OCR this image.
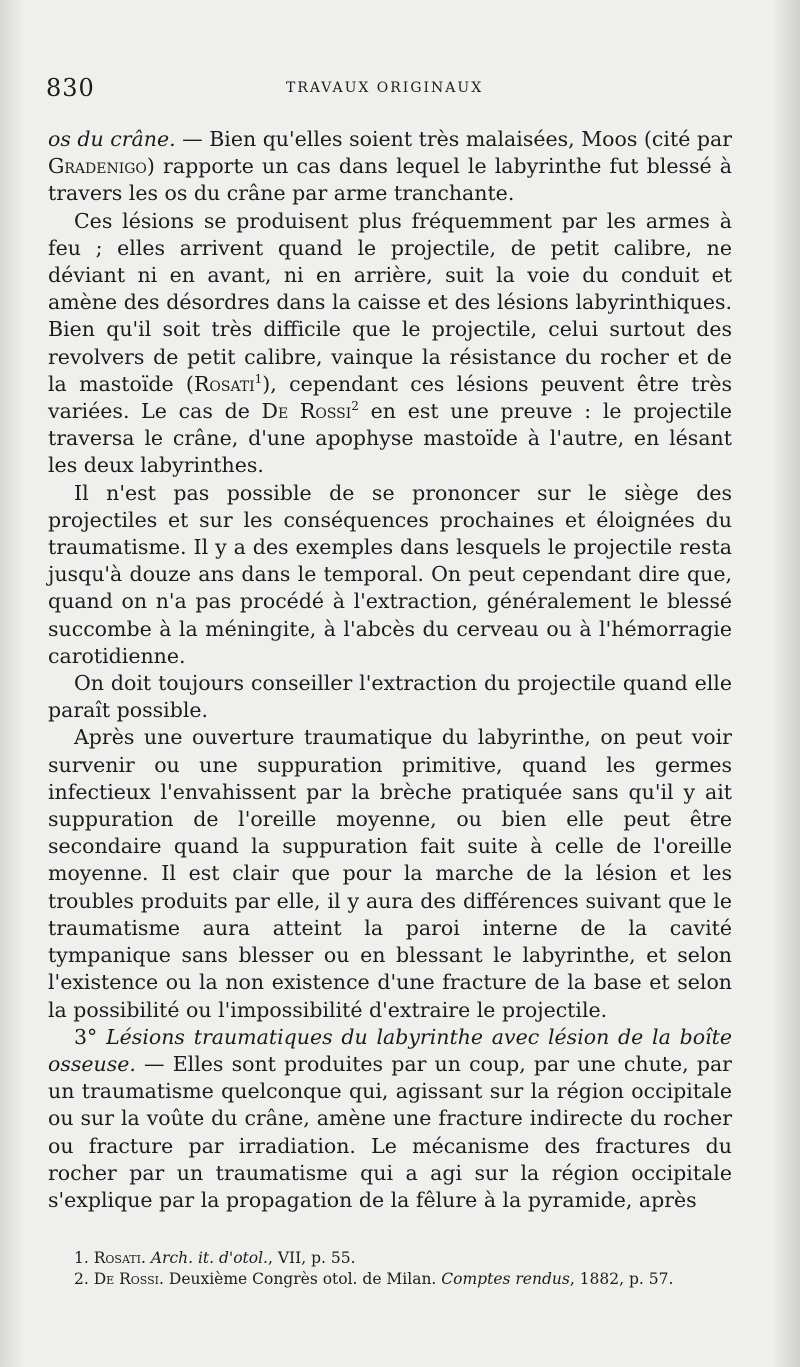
830	TRAVAUX ORIGINAUX

os du crâne. — Bien qu'elles soient très malaisées, Moos (cité par Gradenigo) rapporte un cas dans lequel le labyrinthe fut blessé à travers les os du crâne par arme tranchante.

Ces lésions se produisent plus fréquemment par les armes à feu ; elles arrivent quand le projectile, de petit calibre, ne déviant ni en avant, ni en arrière, suit la voie du conduit et amène des désordres dans la caisse et des lésions labyrinthiques. Bien qu'il soit très difficile que le projectile, celui surtout des revolvers de petit calibre, vainque la résistance du rocher et de la mastoïde (Rosati$^1$), cependant ces lésions peuvent être très variées. Le cas de De Rossi$^2$ en est une preuve : le projectile traversa le crâne, d'une apophyse mastoïde à l'autre, en lésant les deux labyrinthes.

Il n'est pas possible de se prononcer sur le siège des projectiles et sur les conséquences prochaines et éloignées du traumatisme. Il y a des exemples dans lesquels le projectile resta jusqu'à douze ans dans le temporal. On peut cependant dire que, quand on n'a pas procédé à l'extraction, généralement le blessé succombe à la méningite, à l'abcès du cerveau ou à l'hémorragie carotidienne.

On doit toujours conseiller l'extraction du projectile quand elle paraît possible.

Après une ouverture traumatique du labyrinthe, on peut voir survenir ou une suppuration primitive, quand les germes infectieux l'envahissent par la brèche pratiquée sans qu'il y ait suppuration de l'oreille moyenne, ou bien elle peut être secondaire quand la suppuration fait suite à celle de l'oreille moyenne. Il est clair que pour la marche de la lésion et les troubles produits par elle, il y aura des différences suivant que le traumatisme aura atteint la paroi interne de la cavité tympanique sans blesser ou en blessant le labyrinthe, et selon l'existence ou la non existence d'une fracture de la base et selon la possibilité ou l'impossibilité d'extraire le projectile.

3° Lésions traumatiques du labyrinthe avec lésion de la boîte osseuse. — Elles sont produites par un coup, par une chute, par un traumatisme quelconque qui, agissant sur la région occipitale ou sur la voûte du crâne, amène une fracture indirecte du rocher ou fracture par irradiation. Le mécanisme des fractures du rocher par un traumatisme qui a agi sur la région occipitale s'explique par la propagation de la fêlure à la pyramide, après

1. Rosati. Arch. it. d'otol., VII, p. 55.

2. De Rossi. Deuxième Congrès otol. de Milan. Comptes rendus, 1882, p. 57.
